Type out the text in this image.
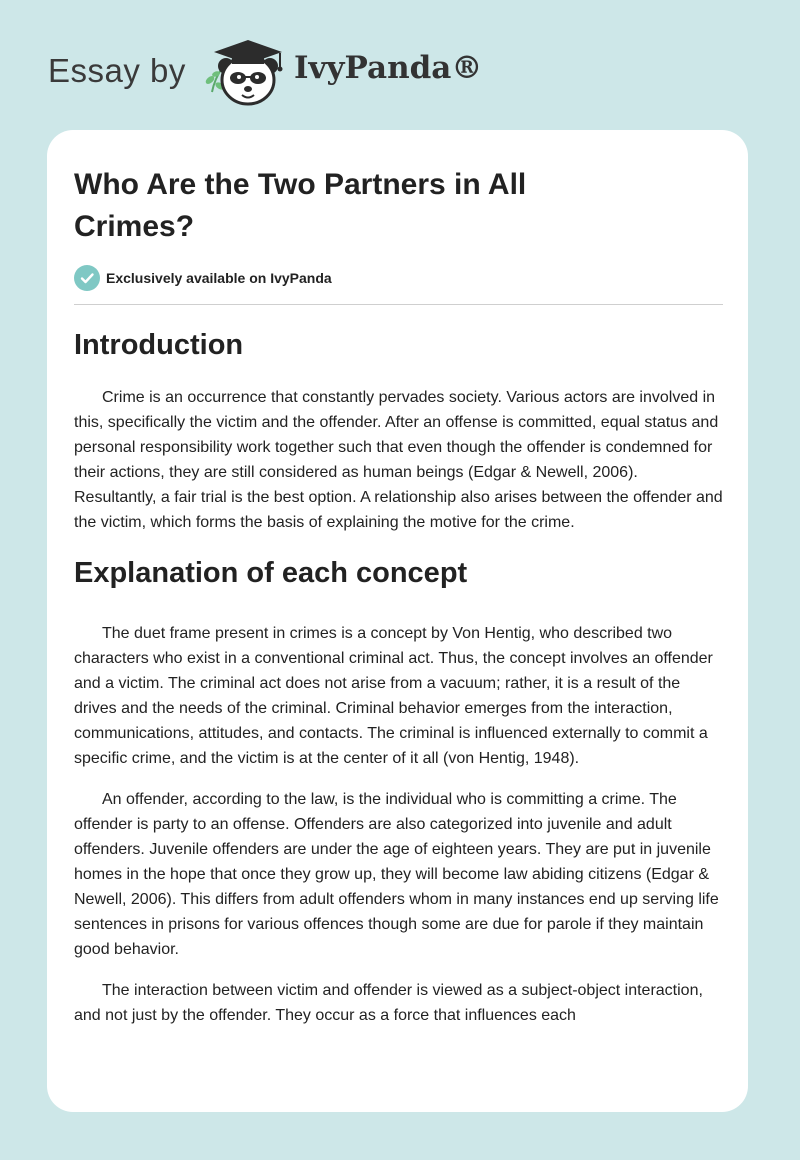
Essay by	IvyPanda®
Who Are the Two Partners in All Crimes?
Exclusively available on IvyPanda
Introduction

Crime is an occurrence that constantly pervades society. Various actors are involved in this, specifically the victim and the offender. After an offense is committed, equal status and personal responsibility work together such that even though the offender is condemned for their actions, they are still considered as human beings (Edgar & Newell, 2006). Resultantly, a fair trial is the best option. A relationship also arises between the offender and the victim, which forms the basis of explaining the motive for the crime.

Explanation of each concept

The duet frame present in crimes is a concept by Von Hentig, who described two characters who exist in a conventional criminal act. Thus, the concept involves an offender and a victim. The criminal act does not arise from a vacuum; rather, it is a result of the drives and the needs of the criminal. Criminal behavior emerges from the interaction, communications, attitudes, and contacts. The criminal is influenced externally to commit a specific crime, and the victim is at the center of it all (von Hentig, 1948).

An offender, according to the law, is the individual who is committing a crime. The offender is party to an offense. Offenders are also categorized into juvenile and adult offenders. Juvenile offenders are under the age of eighteen years. They are put in juvenile homes in the hope that once they grow up, they will become law abiding citizens (Edgar & Newell, 2006). This differs from adult offenders whom in many instances end up serving life sentences in prisons for various offences though some are due for parole if they maintain good behavior.

The interaction between victim and offender is viewed as a subject-object interaction, and not just by the offender. They occur as a force that influences each
